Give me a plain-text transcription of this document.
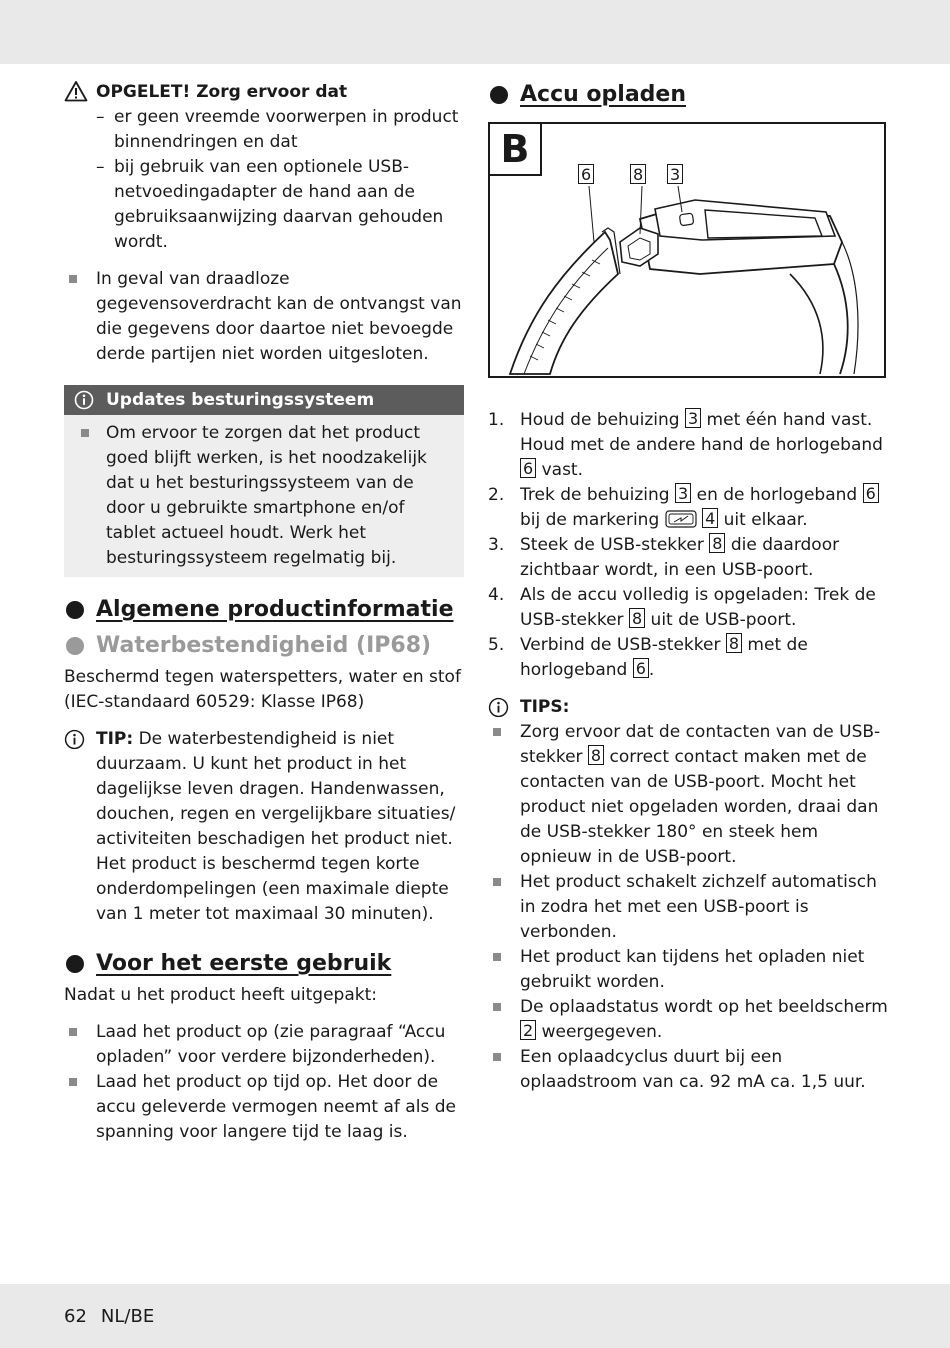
OPGELET! Zorg ervoor dat

– er geen vreemde voorwerpen in product binnendringen en dat
– bij gebruik van een optionele USB-netvoedingadapter de hand aan de gebruiksaanwijzing daarvan gehouden wordt.
In geval van draadloze gegevensoverdracht kan de ontvangst van die gegevens door daartoe niet bevoegde derde partijen niet worden uitgesloten.
Updates besturingssysteem
Om ervoor te zorgen dat het product goed blijft werken, is het noodzakelijk dat u het besturingssysteem van de door u gebruikte smartphone en/of tablet actueel houdt. Werk het besturingssysteem regelmatig bij.

Algemene productinformatie

Waterbestendigheid (IP68)

Beschermd tegen waterspetters, water en stof (IEC-standaard 60529: Klasse IP68)

TIP: De waterbestendigheid is niet duurzaam. U kunt het product in het dagelijkse leven dragen. Handenwassen, douchen, regen en vergelijkbare situaties/ activiteiten beschadigen het product niet. Het product is beschermd tegen korte onderdompelingen (een maximale diepte van 1 meter tot maximaal 30 minuten).

Voor het eerste gebruik

Nadat u het product heeft uitgepakt:

Laad het product op (zie paragraaf “Accu opladen” voor verdere bijzonderheden).
Laad het product op tijd op. Het door de accu geleverde vermogen neemt af als de spanning voor langere tijd te laag is.

Accu opladen

B
6	8 3
1. Houd de behuizing 3 met één hand vast. Houd met de andere hand de horlogeband 6 vast.
2. Trek de behuizing 3 en de horlogeband 6 bij de markering	4 uit elkaar.
3. Steek de USB-stekker 8 die daardoor zichtbaar wordt, in een USB-poort.
4. Als de accu volledig is opgeladen: Trek de USB-stekker 8 uit de USB-poort.
5. Verbind de USB-stekker 8 met de horlogeband 6 .

TIPS:

Zorg ervoor dat de contacten van de USB-stekker 8 correct contact maken met de contacten van de USB-poort. Mocht het product niet opgeladen worden, draai dan de USB-stekker 180° en steek hem opnieuw in de USB-poort.
Het product schakelt zichzelf automatisch in zodra het met een USB-poort is verbonden.
Het product kan tijdens het opladen niet gebruikt worden.
De oplaadstatus wordt op het beeldscherm 2 weergegeven.
Een oplaadcyclus duurt bij een oplaadstroom van ca. 92 mA ca. 1,5 uur.
62 NL/BE
